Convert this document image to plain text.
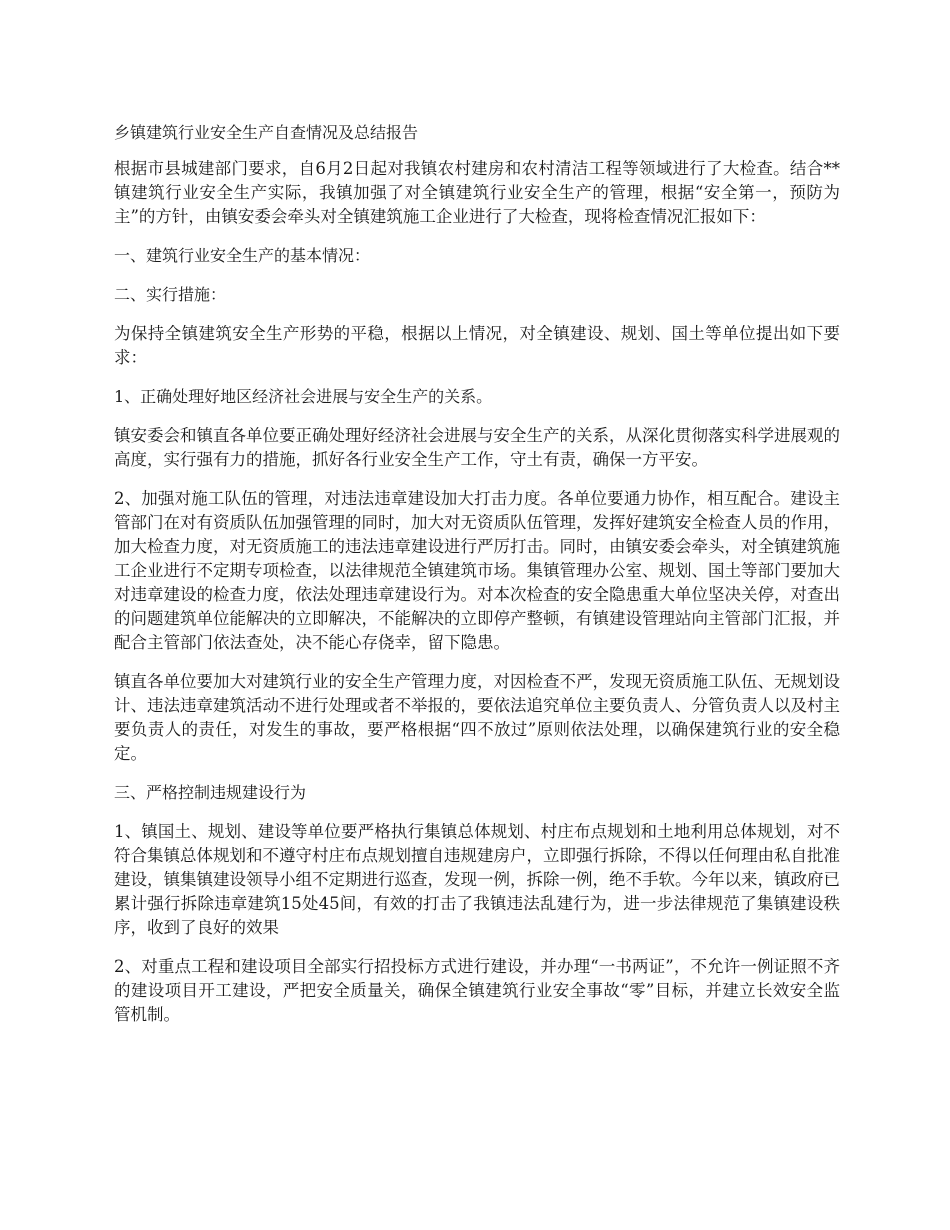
乡镇建筑行业安全生产自查情况及总结报告

根据市县城建部门要求，自6月2日起对我镇农村建房和农村清洁工程等领域进行了大检查。结合**镇建筑行业安全生产实际，我镇加强了对全镇建筑行业安全生产的管理，根据“安全第一，预防为主”的方针，由镇安委会牵头对全镇建筑施工企业进行了大检查，现将检查情况汇报如下：

一、建筑行业安全生产的基本情况：

二、实行措施：

为保持全镇建筑安全生产形势的平稳，根据以上情况，对全镇建设、规划、国土等单位提出如下要求：

1、正确处理好地区经济社会进展与安全生产的关系。

镇安委会和镇直各单位要正确处理好经济社会进展与安全生产的关系，从深化贯彻落实科学进展观的高度，实行强有力的措施，抓好各行业安全生产工作，守土有责，确保一方平安。

2、加强对施工队伍的管理，对违法违章建设加大打击力度。各单位要通力协作，相互配合。建设主管部门在对有资质队伍加强管理的同时，加大对无资质队伍管理，发挥好建筑安全检查人员的作用，加大检查力度，对无资质施工的违法违章建设进行严厉打击。同时，由镇安委会牵头，对全镇建筑施工企业进行不定期专项检查，以法律规范全镇建筑市场。集镇管理办公室、规划、国土等部门要加大对违章建设的检查力度，依法处理违章建设行为。对本次检查的安全隐患重大单位坚决关停，对查出的问题建筑单位能解决的立即解决，不能解决的立即停产整顿，有镇建设管理站向主管部门汇报，并配合主管部门依法查处，决不能心存侥幸，留下隐患。

镇直各单位要加大对建筑行业的安全生产管理力度，对因检查不严，发现无资质施工队伍、无规划设计、违法违章建筑活动不进行处理或者不举报的，要依法追究单位主要负责人、分管负责人以及村主要负责人的责任，对发生的事故，要严格根据“四不放过”原则依法处理，以确保建筑行业的安全稳定。

三、严格控制违规建设行为

1、镇国土、规划、建设等单位要严格执行集镇总体规划、村庄布点规划和土地利用总体规划，对不符合集镇总体规划和不遵守村庄布点规划擅自违规建房户，立即强行拆除，不得以任何理由私自批准建设，镇集镇建设领导小组不定期进行巡查，发现一例，拆除一例，绝不手软。今年以来，镇政府已累计强行拆除违章建筑15处45间，有效的打击了我镇违法乱建行为，进一步法律规范了集镇建设秩序，收到了良好的效果

2、对重点工程和建设项目全部实行招投标方式进行建设，并办理“一书两证”，不允许一例证照不齐的建设项目开工建设，严把安全质量关，确保全镇建筑行业安全事故“零”目标，并建立长效安全监管机制。
